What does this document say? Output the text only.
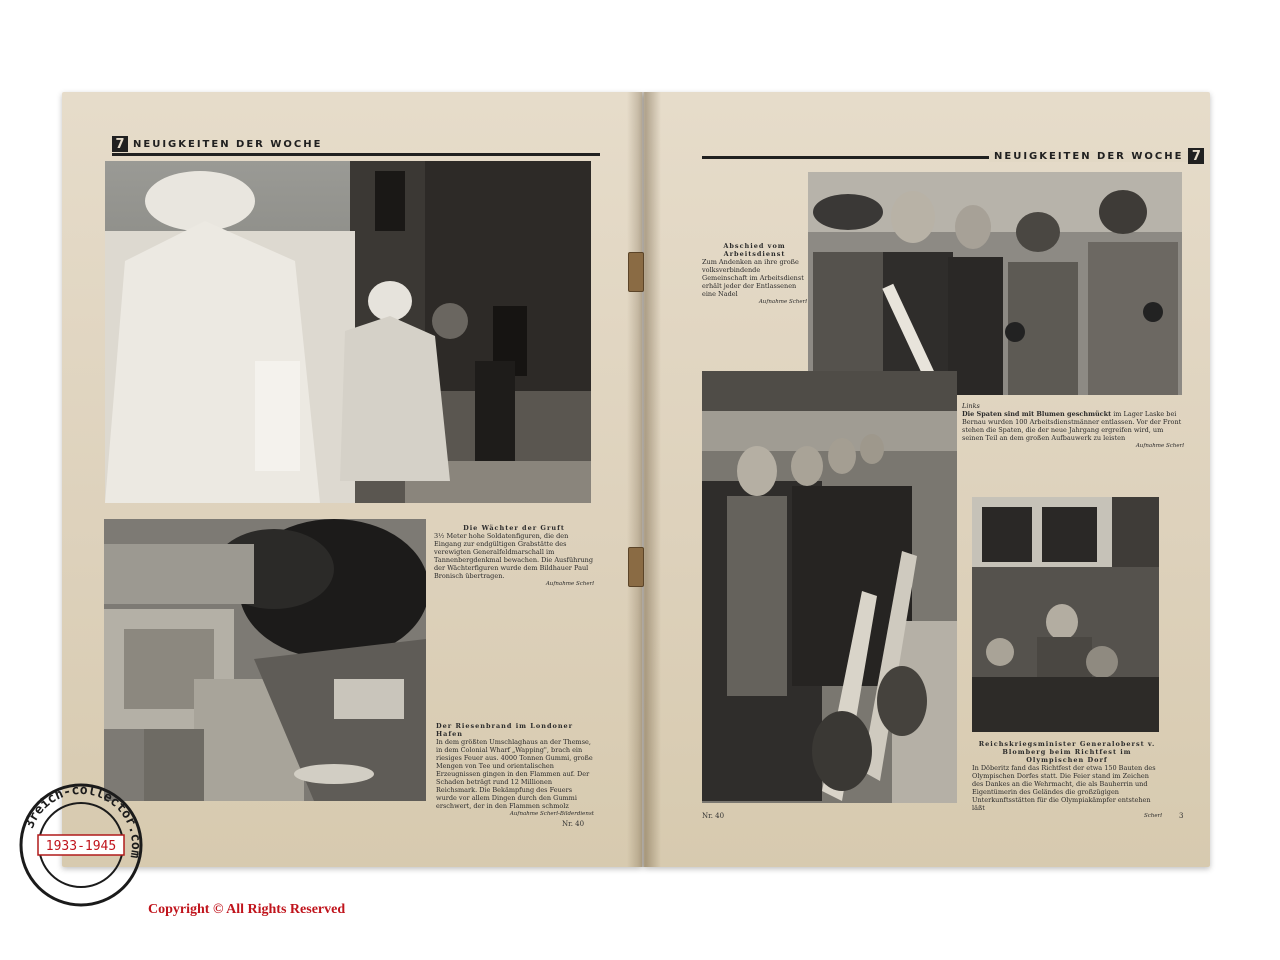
7 NEUIGKEITEN DER WOCHE
Die Wächter der Gruft
3½ Meter hohe Soldatenfiguren, die den Eingang zur endgültigen Grabstätte des verewigten Generalfeldmarschall im Tannenbergdenkmal bewachen. Die Ausführung der Wächterfiguren wurde dem Bildhauer Paul Bronisch übertragen.
Aufnahme Scherl
Der Riesenbrand im Londoner Hafen
In dem größten Umschlaghaus an der Themse, in dem Colonial Wharf „Wapping", brach ein riesiges Feuer aus. 4000 Tonnen Gummi, große Mengen von Tee und orientalischen Erzeugnissen gingen in den Flammen auf. Der Schaden beträgt rund 12 Millionen Reichsmark. Die Bekämpfung des Feuers wurde vor allem Dingen durch den Gummi erschwert, der in den Flammen schmolz
Aufnahme Scherl-Bilderdienst
Nr. 40
NEUIGKEITEN DER WOCHE 7
Abschied vom Arbeitsdienst
Zum Andenken an ihre große volksverbindende Gemeinschaft im Arbeitsdienst erhält jeder der Entlassenen eine Nadel
Aufnahme Scherl
Links
Die Spaten sind mit Blumen geschmückt im Lager Laske bei Bernau wurden 100 Arbeitsdienstmänner entlassen. Vor der Front stehen die Spaten, die der neue Jahrgang ergreifen wird, um seinen Teil an dem großen Aufbauwerk zu leisten
Aufnahme Scherl
Reichskriegsminister Generaloberst v. Blomberg beim Richtfest im Olympischen Dorf
In Döberitz fand das Richtfest der etwa 150 Bauten des Olympischen Dorfes statt. Die Feier stand im Zeichen des Dankes an die Wehrmacht, die als Bauherrin und Eigentümerin des Geländes die großzügigen Unterkunftsstätten für die Olympiakämpfer entstehen läßt
Scherl
Nr. 40	3
3reich-collector.com
1933-1945
Copyright © All Rights Reserved
